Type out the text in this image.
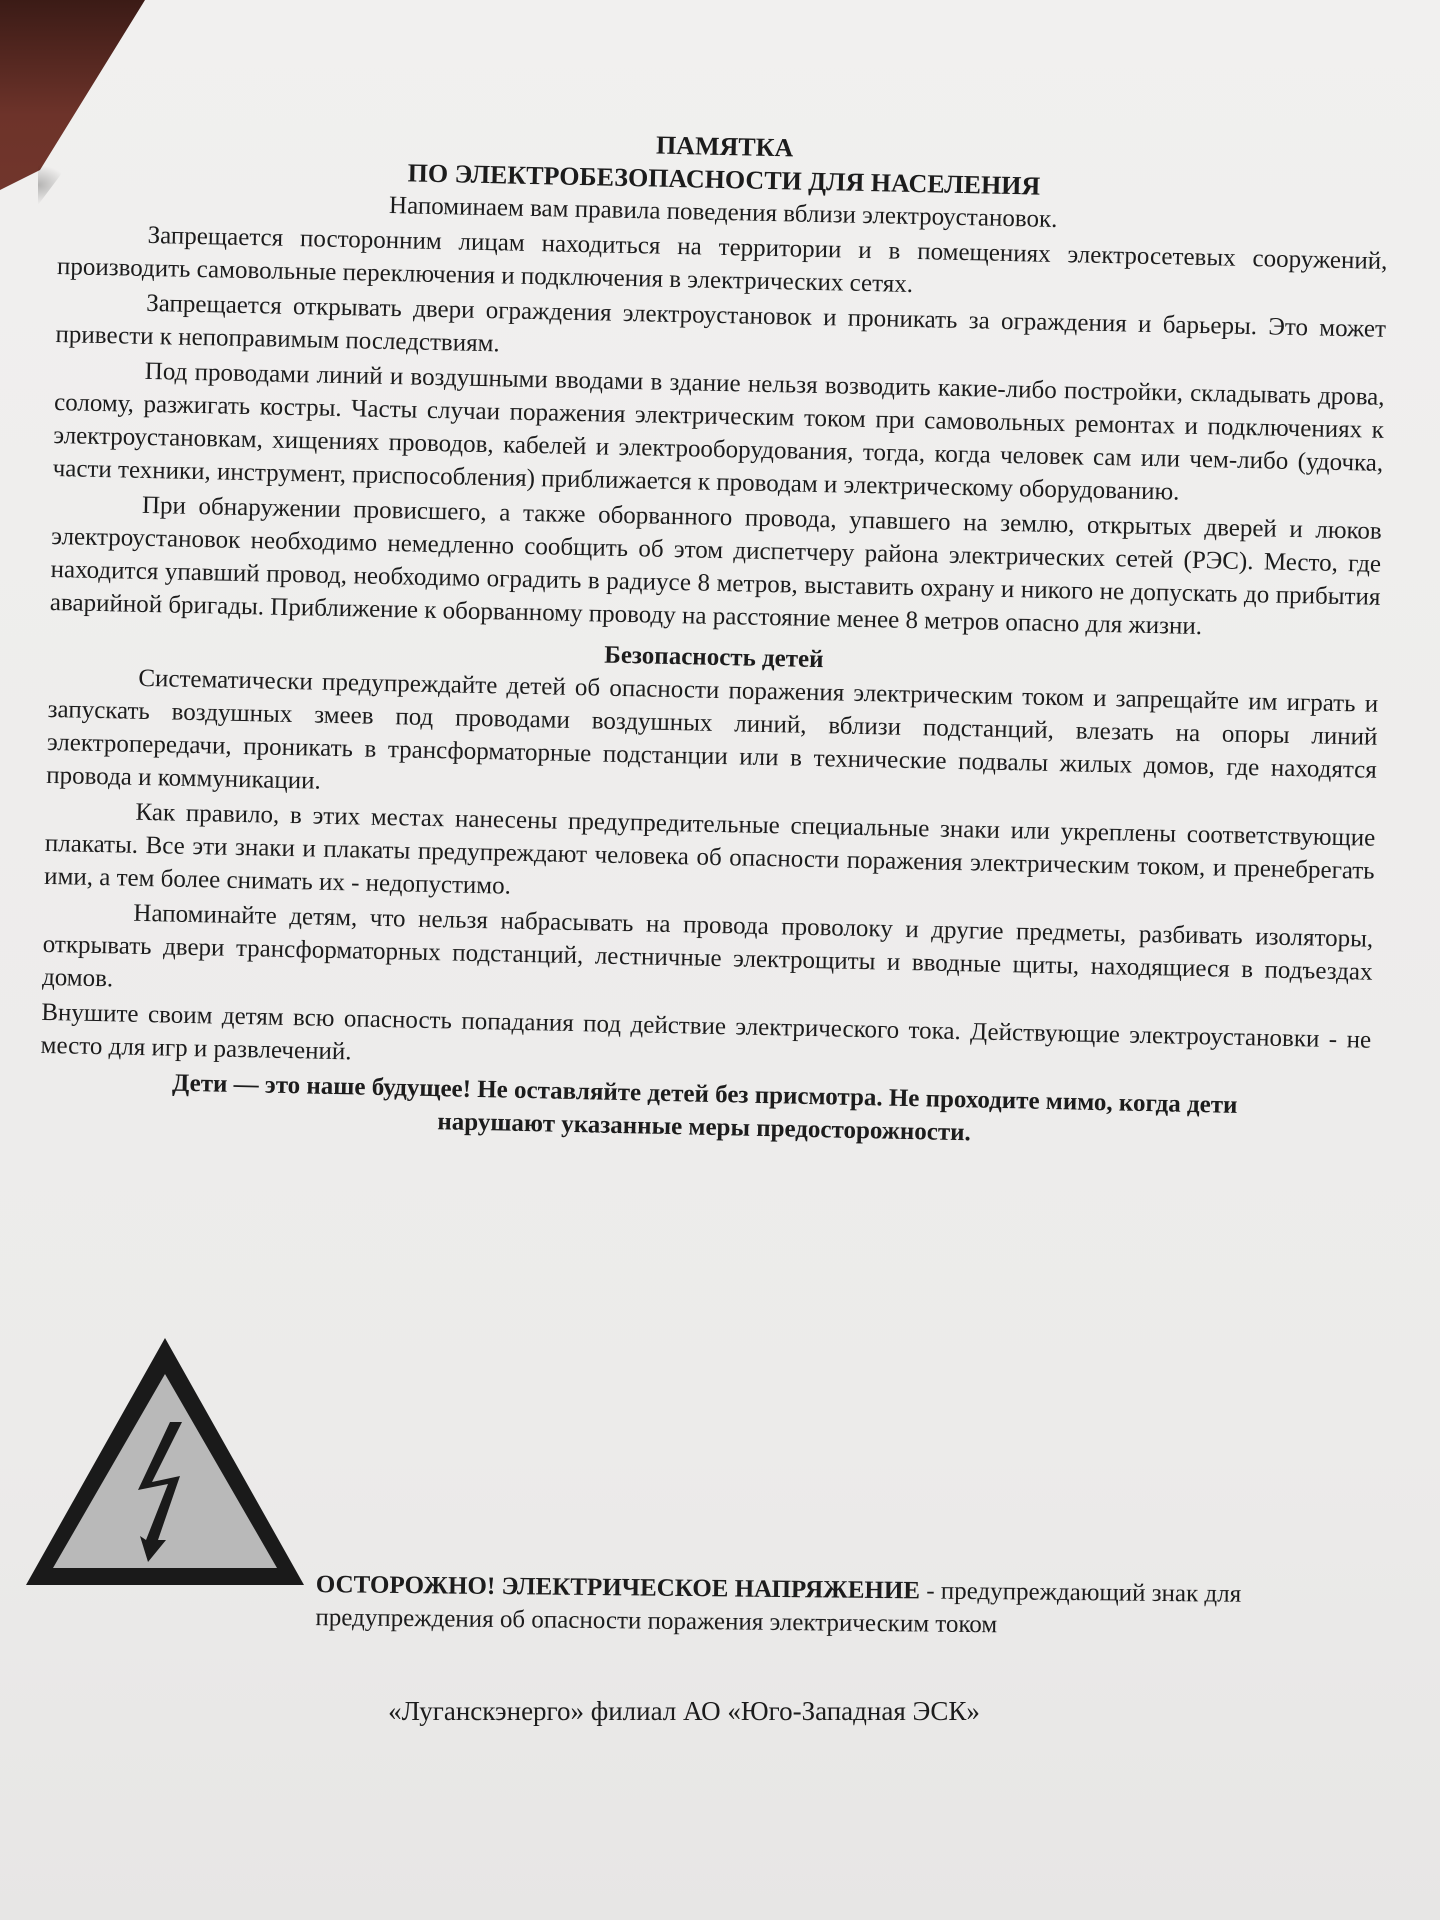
ПАМЯТКА

ПО ЭЛЕКТРОБЕЗОПАСНОСТИ ДЛЯ НАСЕЛЕНИЯ

Напоминаем вам правила поведения вблизи электроустановок.

Запрещается посторонним лицам находиться на территории и в помещениях электросетевых сооружений, производить самовольные переключения и подключения в электрических сетях.

Запрещается открывать двери ограждения электроустановок и проникать за ограждения и барьеры. Это может привести к непоправимым последствиям.

Под проводами линий и воздушными вводами в здание нельзя возводить какие-либо постройки, складывать дрова, солому, разжигать костры. Часты случаи поражения электрическим током при самовольных ремонтах и подключениях к электроустановкам, хищениях проводов, кабелей и электрооборудования, тогда, когда человек сам или чем-либо (удочка, части техники, инструмент, приспособления) приближается к проводам и электрическому оборудованию.

При обнаружении провисшего, а также оборванного провода, упавшего на землю, открытых дверей и люков электроустановок необходимо немедленно сообщить об этом диспетчеру района электрических сетей (РЭС). Место, где находится упавший провод, необходимо оградить в радиусе 8 метров, выставить охрану и никого не допускать до прибытия аварийной бригады. Приближение к оборванному проводу на расстояние менее 8 метров опасно для жизни.

Безопасность детей

Систематически предупреждайте детей об опасности поражения электрическим током и запрещайте им играть и запускать воздушных змеев под проводами воздушных линий, вблизи подстанций, влезать на опоры линий электропередачи, проникать в трансформаторные подстанции или в технические подвалы жилых домов, где находятся провода и коммуникации.

Как правило, в этих местах нанесены предупредительные специальные знаки или укреплены соответствующие плакаты. Все эти знаки и плакаты предупреждают человека об опасности поражения электрическим током, и пренебрегать ими, а тем более снимать их - недопустимо.

Напоминайте детям, что нельзя набрасывать на провода проволоку и другие предметы, разбивать изоляторы, открывать двери трансформаторных подстанций, лестничные электрощиты и вводные щиты, находящиеся в подъездах домов.

Внушите своим детям всю опасность попадания под действие электрического тока. Действующие электроустановки - не место для игр и развлечений.

Дети — это наше будущее! Не оставляйте детей без присмотра. Не проходите мимо, когда дети

нарушают указанные меры предосторожности.

ОСТОРОЖНО! ЭЛЕКТРИЧЕСКОЕ НАПРЯЖЕНИЕ - предупреждающий знак для предупреждения об опасности поражения электрическим током
«Луганскэнерго» филиал АО «Юго-Западная ЭСК»
